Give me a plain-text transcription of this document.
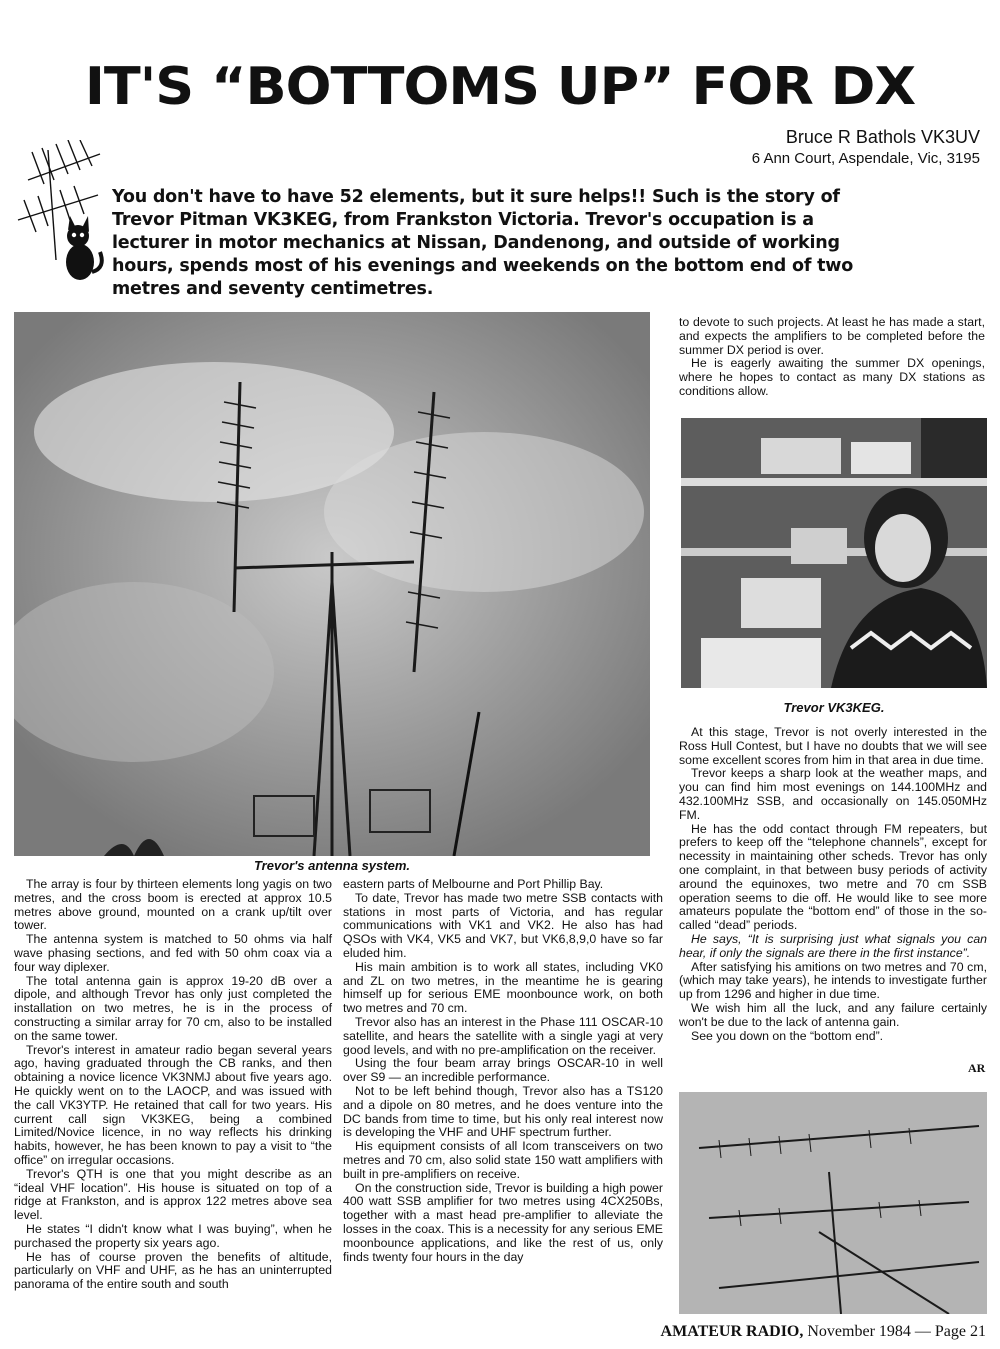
IT'S “BOTTOMS UP” FOR DX
Bruce R Bathols VK3UV
6 Ann Court, Aspendale, Vic, 3195
You don't have to have 52 elements, but it sure helps!! Such is the story of Trevor Pitman VK3KEG, from Frankston Victoria. Trevor's occupation is a lecturer in motor mechanics at Nissan, Dandenong, and outside of working hours, spends most of his evenings and weekends on the bottom end of two metres and seventy centimetres.
Trevor's antenna system.

The array is four by thirteen elements long yagis on two metres, and the cross boom is erected at approx 10.5 metres above ground, mounted on a crank up/tilt over tower.

The antenna system is matched to 50 ohms via half wave phasing sections, and fed with 50 ohm coax via a four way diplexer.

The total antenna gain is approx 19-20 dB over a dipole, and although Trevor has only just completed the installation on two metres, he is in the process of constructing a similar array for 70 cm, also to be installed on the same tower.

Trevor's interest in amateur radio began several years ago, having graduated through the CB ranks, and then obtaining a novice licence VK3NMJ about five years ago. He quickly went on to the LAOCP, and was issued with the call VK3YTP. He retained that call for two years. His current call sign VK3KEG, being a combined Limited/Novice licence, in no way reflects his drinking habits, however, he has been known to pay a visit to “the office” on irregular occasions.

Trevor's QTH is one that you might describe as an “ideal VHF location”. His house is situated on top of a ridge at Frankston, and is approx 122 metres above sea level.

He states “I didn't know what I was buying”, when he purchased the property six years ago.

He has of course proven the benefits of altitude, particularly on VHF and UHF, as he has an uninterrupted panorama of the entire south and south

eastern parts of Melbourne and Port Phillip Bay.

To date, Trevor has made two metre SSB contacts with stations in most parts of Victoria, and has regular communications with VK1 and VK2. He also has had QSOs with VK4, VK5 and VK7, but VK6,8,9,0 have so far eluded him.

His main ambition is to work all states, including VK0 and ZL on two metres, in the meantime he is gearing himself up for serious EME moonbounce work, on both two metres and 70 cm.

Trevor also has an interest in the Phase 111 OSCAR-10 satellite, and hears the satellite with a single yagi at very good levels, and with no pre-amplification on the receiver.

Using the four beam array brings OSCAR-10 in well over S9 — an incredible performance.

Not to be left behind though, Trevor also has a TS120 and a dipole on 80 metres, and he does venture into the DC bands from time to time, but his only real interest now is developing the VHF and UHF spectrum further.

His equipment consists of all Icom transceivers on two metres and 70 cm, also solid state 150 watt amplifiers with built in pre-amplifiers on receive.

On the construction side, Trevor is building a high power 400 watt SSB amplifier for two metres using 4CX250Bs, together with a mast head pre-amplifier to alleviate the losses in the coax. This is a necessity for any serious EME moonbounce applications, and like the rest of us, only finds twenty four hours in the day

to devote to such projects. At least he has made a start, and expects the amplifiers to be completed before the summer DX period is over.

He is eagerly awaiting the summer DX openings, where he hopes to contact as many DX stations as conditions allow.

Trevor VK3KEG.

At this stage, Trevor is not overly interested in the Ross Hull Contest, but I have no doubts that we will see some excellent scores from him in that area in due time.

Trevor keeps a sharp look at the weather maps, and you can find him most evenings on 144.100MHz and 432.100MHz SSB, and occasionally on 145.050MHz FM.

He has the odd contact through FM repeaters, but prefers to keep off the “telephone channels”, except for necessity in maintaining other scheds. Trevor has only one complaint, in that between busy periods of activity around the equinoxes, two metre and 70 cm SSB operation seems to die off. He would like to see more amateurs populate the “bottom end” of those in the so-called “dead” periods.

He says, “It is surprising just what signals you can hear, if only the signals are there in the first instance”.

After satisfying his amitions on two metres and 70 cm, (which may take years), he intends to investigate further up from 1296 and higher in due time.

We wish him all the luck, and any failure certainly won't be due to the lack of antenna gain.

See you down on the “bottom end”.

AR
AMATEUR RADIO, November 1984 — Page 21
